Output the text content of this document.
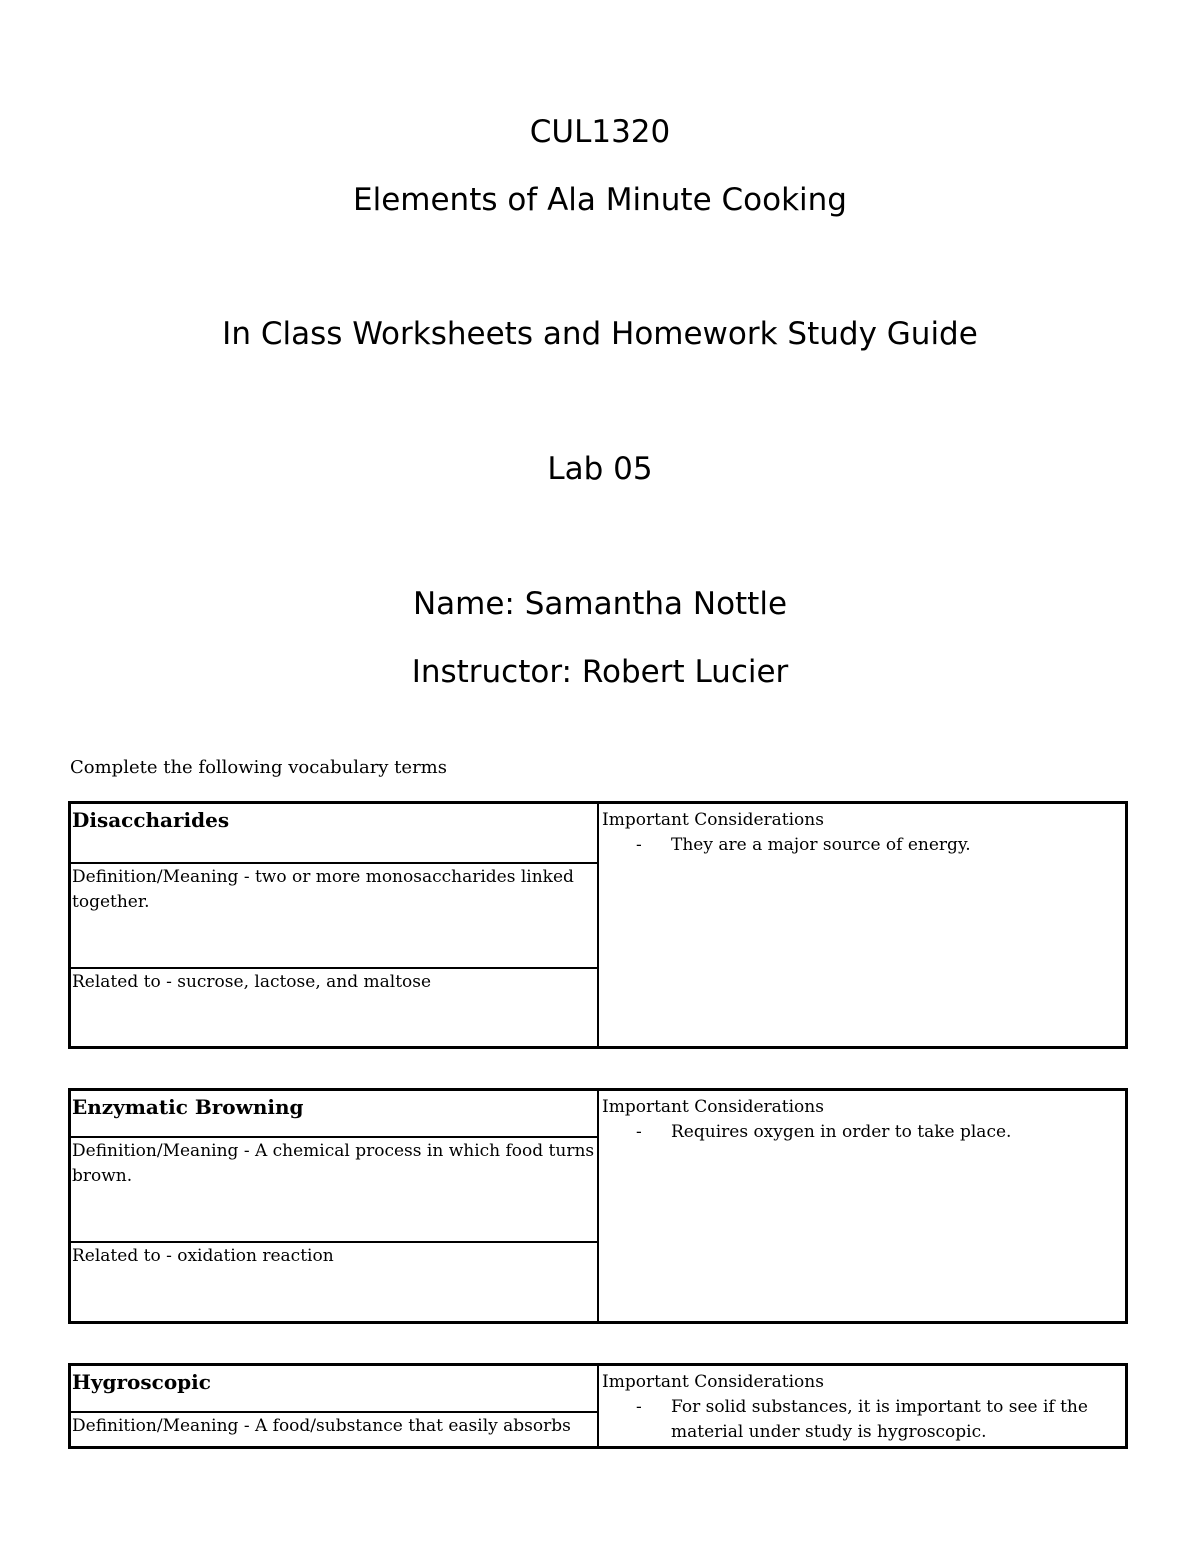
CUL1320
Elements of Ala Minute Cooking
In Class Worksheets and Homework Study Guide
Lab 05
Name: Samantha Nottle
Instructor: Robert Lucier
Complete the following vocabulary terms
Disaccharides
Definition/Meaning - two or more monosaccharides linked together.
Related to - sucrose, lactose, and maltose
Important Considerations
- They are a major source of energy.
Enzymatic Browning
Definition/Meaning - A chemical process in which food turns brown.
Related to - oxidation reaction
Important Considerations
- Requires oxygen in order to take place.
Hygroscopic
Definition/Meaning - A food/substance that easily absorbs
Important Considerations
- For solid substances, it is important to see if the material under study is hygroscopic.
